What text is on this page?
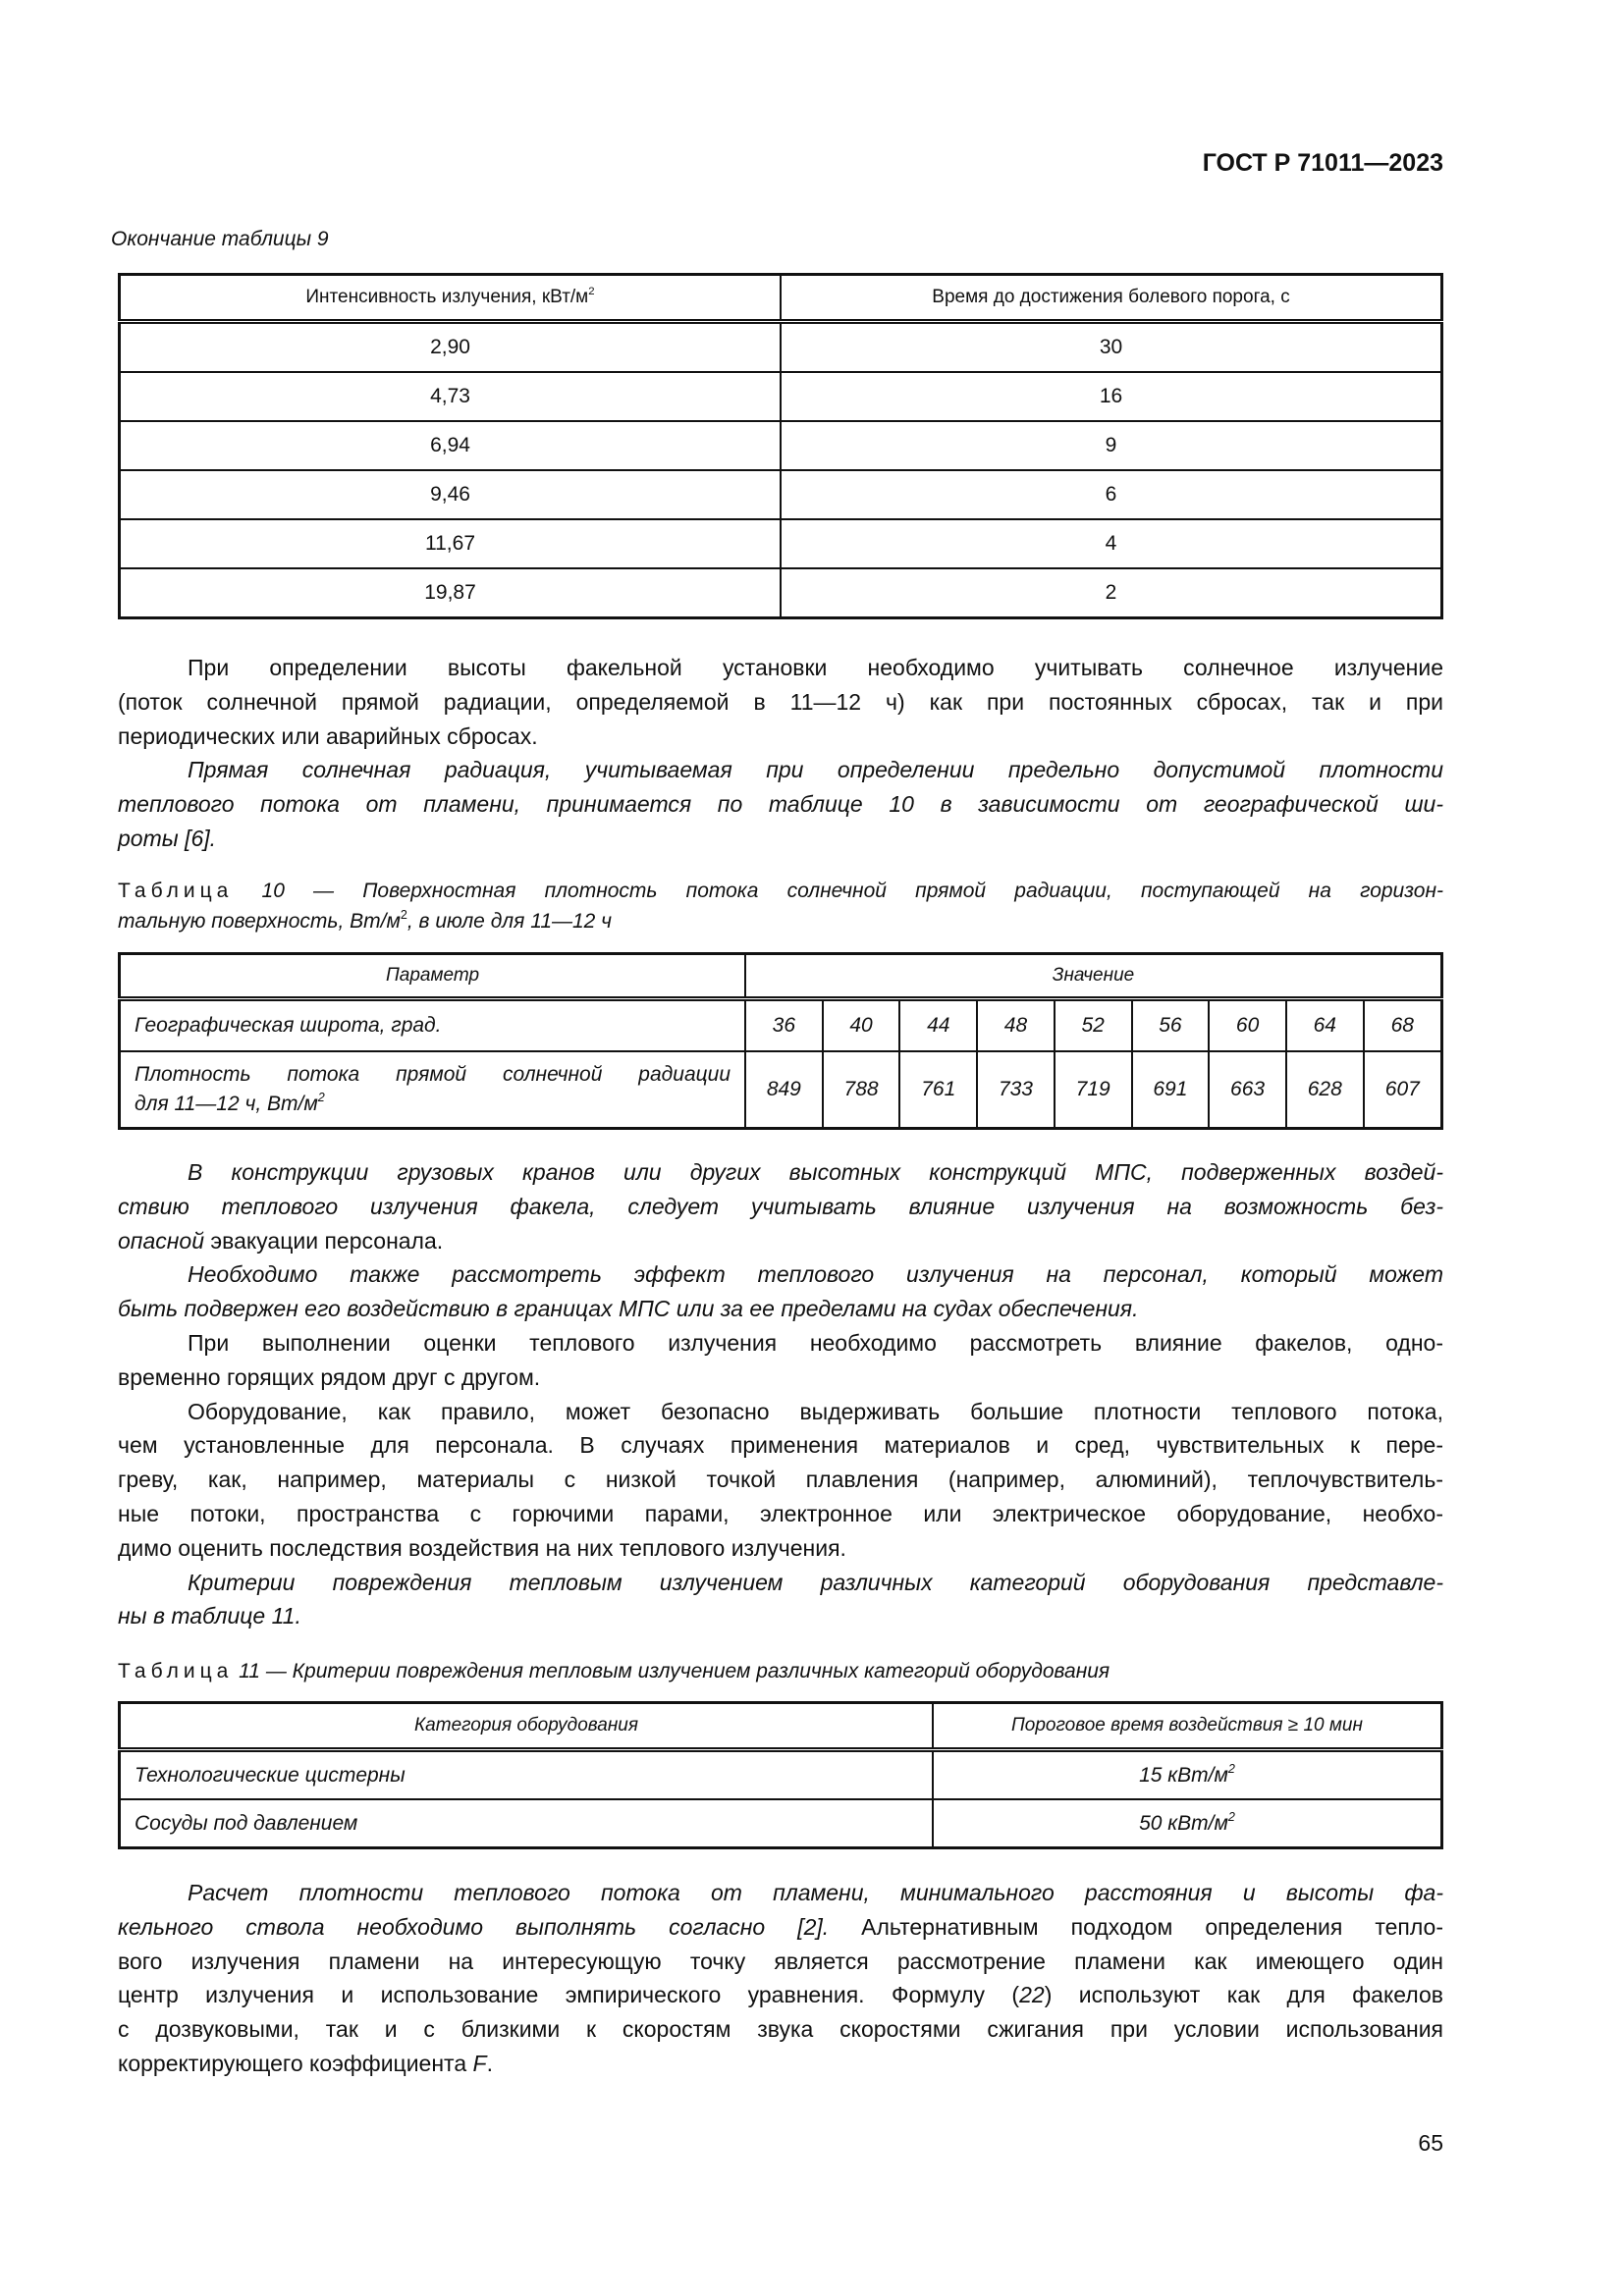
ГОСТ Р 71011—2023
Окончание таблицы 9
Интенсивность излучения, кВт/$м^2$	Время до достижения болевого порога, с
2,90	30
4,73	16
6,94	9
9,46	6
11,67	4
19,87	2
При определении высоты факельной установки необходимо учитывать солнечное излучение
(поток солнечной прямой радиации, определяемой в 11—12 ч) как при постоянных сбросах, так и при
периодических или аварийных сбросах.
Прямая солнечная радиация, учитываемая при определении предельно допустимой плотности
теплового потока от пламени, принимается по таблице 10 в зависимости от географической ши-
роты [6].
Таблица 10 — Поверхностная плотность потока солнечной прямой радиации, поступающей на горизон-
тальную поверхность, $Вт/м^2$, в июле для 11—12 ч
Параметр	Значение								
Географическая широта, град.	36	40	44	48	52	56	60	64	68

Плотность потока прямой солнечной радиации
для 11—12 ч, $Вт/м^2$	849	788	761	733	719	691	663	628	607
В конструкции грузовых кранов или других высотных конструкций МПС, подверженных воздей-
ствию теплового излучения факела, следует учитывать влияние излучения на возможность без-
опасной эвакуации персонала.
Необходимо также рассмотреть эффект теплового излучения на персонал, который может
быть подвержен его воздействию в границах МПС или за ее пределами на судах обеспечения.
При выполнении оценки теплового излучения необходимо рассмотреть влияние факелов, одно-
временно горящих рядом друг с другом.
Оборудование, как правило, может безопасно выдерживать большие плотности теплового потока,
чем установленные для персонала. В случаях применения материалов и сред, чувствительных к пере-
греву, как, например, материалы с низкой точкой плавления (например, алюминий), теплочувствитель-
ные потоки, пространства с горючими парами, электронное или электрическое оборудование, необхо-
димо оценить последствия воздействия на них теплового излучения.
Критерии повреждения тепловым излучением различных категорий оборудования представле-
ны в таблице 11.
Таблица 11 — Критерии повреждения тепловым излучением различных категорий оборудования
Категория оборудования	Пороговое время воздействия ≥ 10 мин
Технологические цистерны	15 кВт/$м^2$
Сосуды под давлением	50 кВт/$м^2$
Расчет плотности теплового потока от пламени, минимального расстояния и высоты фа-
кельного ствола необходимо выполнять согласно [2]. Альтернативным подходом определения тепло-
вого излучения пламени на интересующую точку является рассмотрение пламени как имеющего один
центр излучения и использование эмпирического уравнения. Формулу (22) используют как для факелов
с дозвуковыми, так и с близкими к скоростям звука скоростями сжигания при условии использования
корректирующего коэффициента F.
65
